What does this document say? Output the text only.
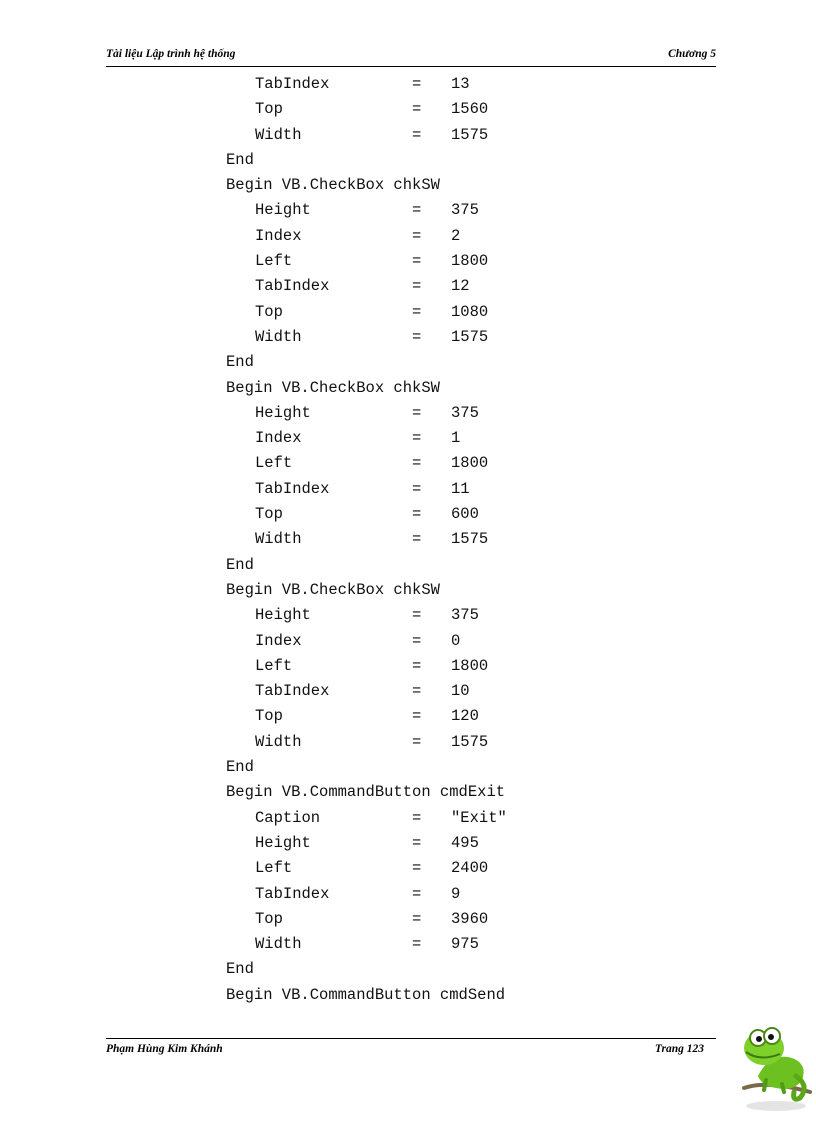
Tài liệu Lập trình hệ thống	Chương 5
TabIndex	= 13
Top	= 1560
Width	= 1575
End
Begin VB.CheckBox chkSW
Height	= 375
Index	= 2
Left	= 1800
TabIndex	= 12
Top	= 1080
Width	= 1575
End
Begin VB.CheckBox chkSW
Height	= 375
Index	= 1
Left	= 1800
TabIndex	= 11
Top	= 600
Width	= 1575
End
Begin VB.CheckBox chkSW
Height	= 375
Index	= 0
Left	= 1800
TabIndex	= 10
Top	= 120
Width	= 1575
End
Begin VB.CommandButton cmdExit
Caption	= "Exit"
Height	= 495
Left	= 2400
TabIndex	= 9
Top	= 3960
Width	= 975
End
Begin VB.CommandButton cmdSend
Phạm Hùng Kim Khánh	Trang 123
